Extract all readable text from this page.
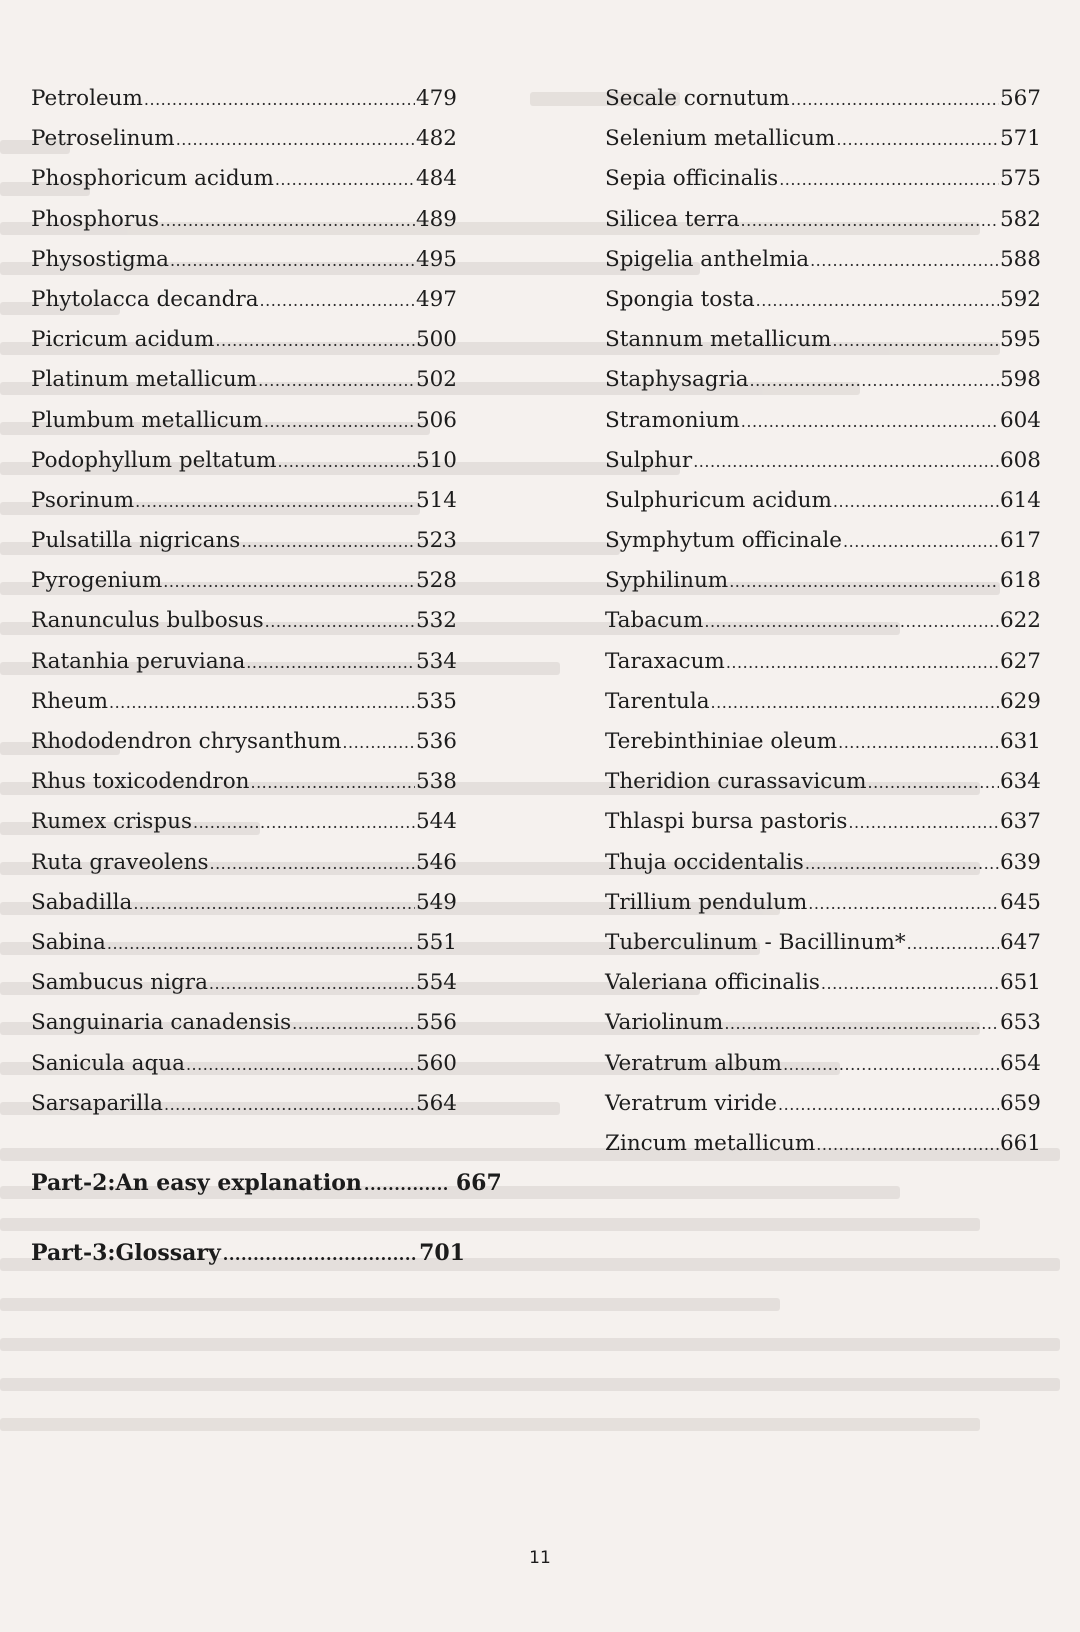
Petroleum .....	479
Petroselinum .....	482
Phosphoricum acidum .....	484
Phosphorus .....	489
Physostigma .....	495
Phytolacca decandra .....	497
Picricum acidum .....	500
Platinum metallicum .....	502
Plumbum metallicum .....	506
Podophyllum peltatum .....	510
Psorinum .....	514
Pulsatilla nigricans .....	523
Pyrogenium .....	528
Ranunculus bulbosus .....	532
Ratanhia peruviana .....	534
Rheum .....	535
Rhododendron chrysanthum .....	536
Rhus toxicodendron .....	538
Rumex crispus .....	544
Ruta graveolens .....	546
Sabadilla .....	549
Sabina .....	551
Sambucus nigra .....	554
Sanguinaria canadensis .....	556
Sanicula aqua .....	560
Sarsaparilla .....	564
Secale cornutum .....	567
Selenium metallicum .....	571
Sepia officinalis .....	575
Silicea terra .....	582
Spigelia anthelmia .....	588
Spongia tosta .....	592
Stannum metallicum .....	595
Staphysagria .....	598
Stramonium .....	604
Sulphur .....	608
Sulphuricum acidum .....	614
Symphytum officinale .....	617
Syphilinum .....	618
Tabacum .....	622
Taraxacum .....	627
Tarentula .....	629
Terebinthiniae oleum .....	631
Theridion curassavicum .....	634
Thlaspi bursa pastoris .....	637
Thuja occidentalis .....	639
Trillium pendulum .....	645
Tuberculinum - Bacillinum* .....	647
Valeriana officinalis .....	651
Variolinum .....	653
Veratrum album .....	654
Veratrum viride .....	659
Zincum metallicum .....	661
Part-2:An easy explanation .....	667
Part-3:Glossary .....	701
11
